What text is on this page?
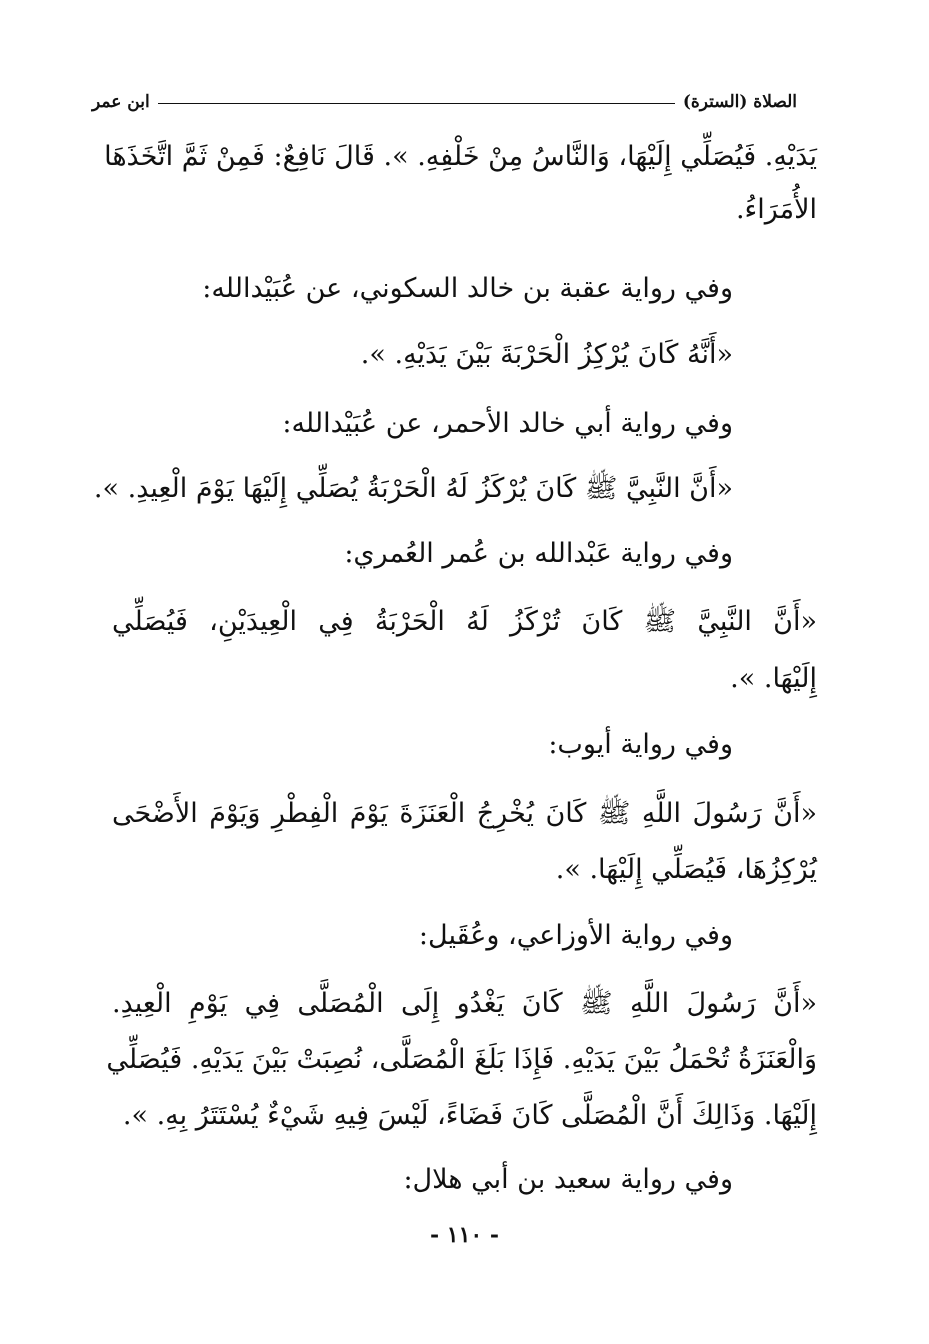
الصلاة (السترة)
ابن عمر
يَدَيْهِ. فَيُصَلِّي إِلَيْهَا، وَالنَّاسُ مِنْ خَلْفِهِ. ». قَالَ نَافِعٌ: فَمِنْ ثَمَّ اتَّخَذَهَا
الأُمَرَاءُ.
وفي رواية عقبة بن خالد السكوني، عن عُبَيْدالله:
«أَنَّهُ كَانَ يُرْكِزُ الْحَرْبَةَ بَيْنَ يَدَيْهِ. ».
وفي رواية أبي خالد الأحمر، عن عُبَيْدالله:
«أَنَّ النَّبِيَّ ﷺ كَانَ يُرْكَزُ لَهُ الْحَرْبَةُ يُصَلِّي إِلَيْهَا يَوْمَ الْعِيدِ. ».
وفي رواية عَبْدالله بن عُمر العُمري:
«أَنَّ النَّبِيَّ ﷺ كَانَ تُرْكَزُ لَهُ الْحَرْبَةُ فِي الْعِيدَيْنِ، فَيُصَلِّي
إِلَيْهَا. ».
وفي رواية أيوب:
«أَنَّ رَسُولَ اللَّهِ ﷺ كَانَ يُخْرِجُ الْعَنَزَةَ يَوْمَ الْفِطْرِ وَيَوْمَ الأَضْحَى
يُرْكِزُهَا، فَيُصَلِّي إِلَيْهَا. ».
وفي رواية الأوزاعي، وعُقَيل:
«أَنَّ رَسُولَ اللَّهِ ﷺ كَانَ يَغْدُو إِلَى الْمُصَلَّى فِي يَوْمِ الْعِيدِ.
وَالْعَنَزَةُ تُحْمَلُ بَيْنَ يَدَيْهِ. فَإِذَا بَلَغَ الْمُصَلَّى، نُصِبَتْ بَيْنَ يَدَيْهِ. فَيُصَلِّي
إِلَيْهَا. وَذَالِكَ أَنَّ الْمُصَلَّى كَانَ فَضَاءً، لَيْسَ فِيهِ شَيْءٌ يُسْتَتَرُ بِهِ. ».
وفي رواية سعيد بن أبي هلال:
- ١١٠ -
